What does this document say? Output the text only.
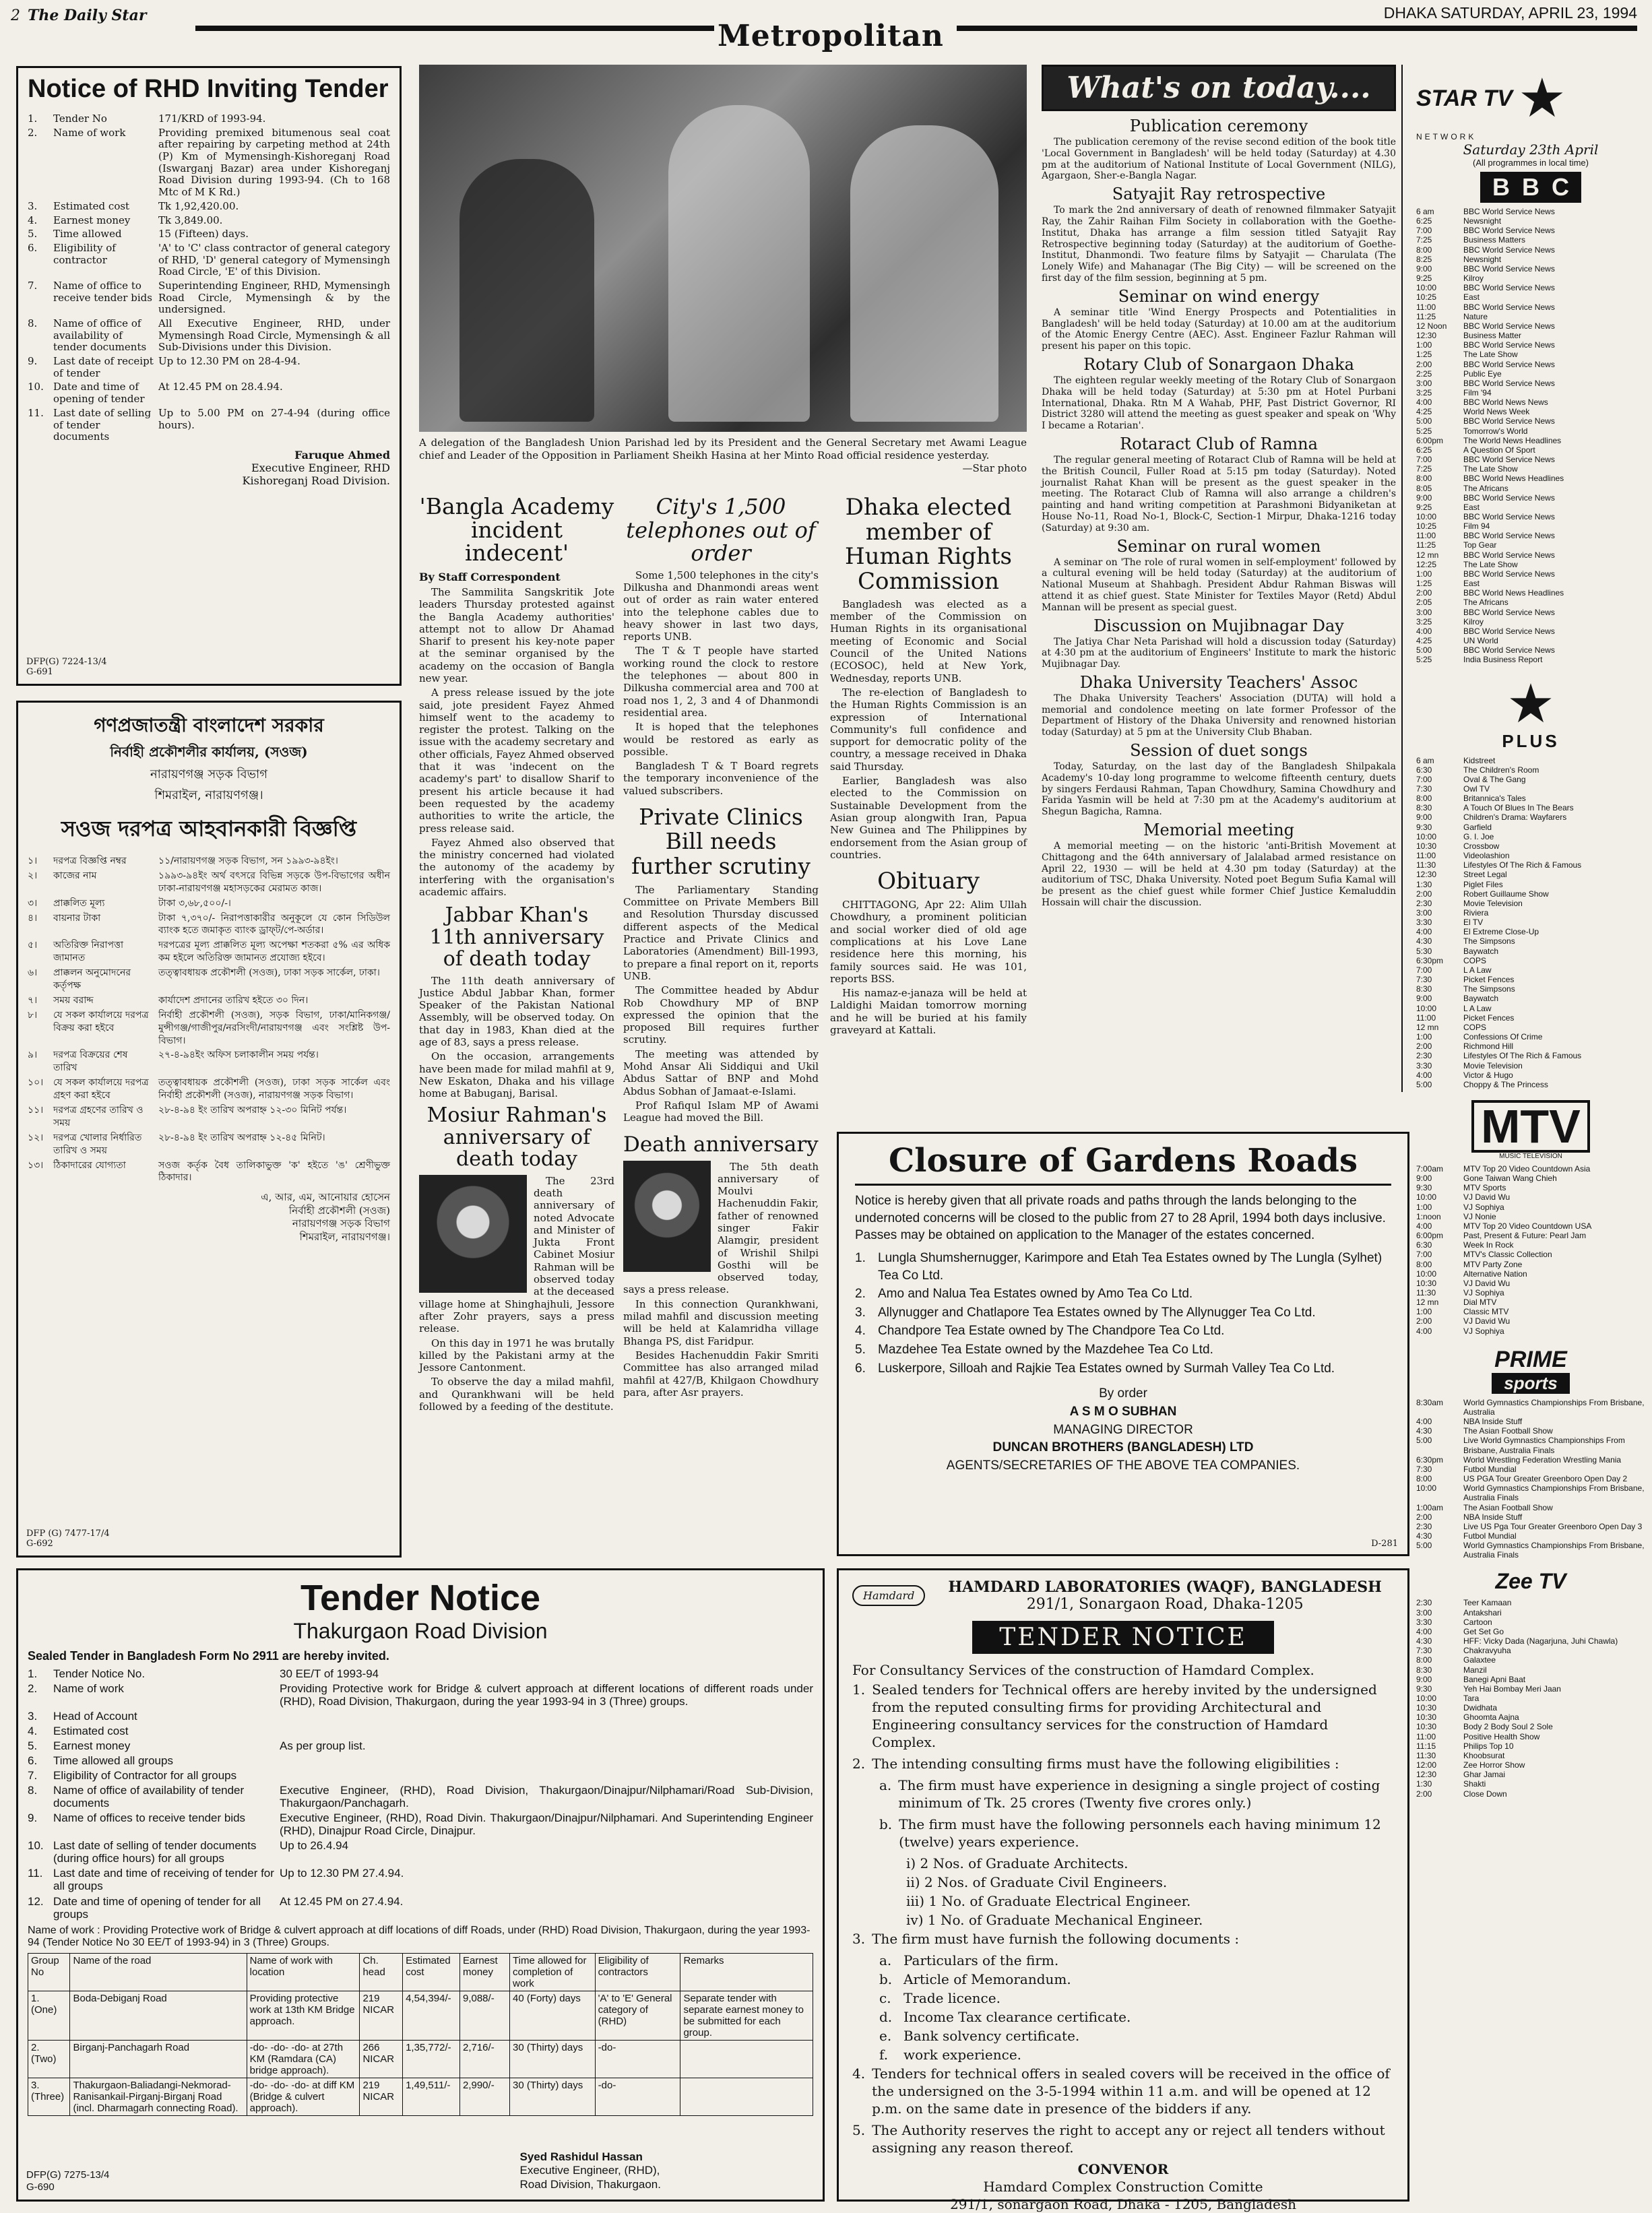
2 The Daily Star
Metropolitan
DHAKA SATURDAY, APRIL 23, 1994
Notice of RHD Inviting Tender
1.	Tender No	171/KRD of 1993-94.
2.	Name of work	Providing premixed bitumenous seal coat after repairing by carpeting method at 24th (P) Km of Mymensingh-Kishoreganj Road (Iswarganj Bazar) area under Kishoreganj Road Division during 1993-94. (Ch to 168 Mtc of M K Rd.)
3.	Estimated cost	Tk 1,92,420.00.
4.	Earnest money	Tk 3,849.00.
5.	Time allowed	15 (Fifteen) days.
6.	Eligibility of contractor
'A' to 'C' class contractor of general category of RHD, 'D' general category of Mymensingh Road Circle, 'E' of this Division.
7.	Name of office to receive tender bids
Superintending Engineer, RHD, Mymensingh Road Circle, Mymensingh & by the undersigned.
8.	Name of office of availability of tender documents
All Executive Engineer, RHD, under Mymensingh Road Circle, Mymensingh & all Sub-Divisions under this Division.
9.	Last date of receipt of tender
Up to 12.30 PM on 28-4-94.
10. Date and time of opening of tender
At 12.45 PM on 28.4.94.
11. Last date of selling of tender documents
Up to 5.00 PM on 27-4-94 (during office hours).
Faruque Ahmed
Executive Engineer, RHD
Kishoreganj Road Division.
DFP(G) 7224-13/4
G-691
গণপ্রজাতন্ত্রী বাংলাদেশ সরকার
নির্বাহী প্রকৌশলীর কার্যালয়, (সওজ)
নারায়ণগঞ্জ সড়ক বিভাগ
শিমরাইল, নারায়ণগঞ্জ।
সওজ দরপত্র আহবানকারী বিজ্ঞপ্তি
১।	দরপত্র বিজ্ঞপ্তি নম্বর	১১/নারায়ণগঞ্জ সড়ক বিভাগ, সন ১৯৯৩-৯৪ইং।
২।	কাজের নাম	১৯৯৩-৯৪ইং অর্থ বৎসরে বিভিন্ন সড়কে উপ-বিভাগের অধীন ঢাকা-নারায়ণগঞ্জ মহাসড়কের মেরামত কাজ।
৩।	প্রাক্কলিত মূল্য	টাকা ৩,৬৮,৫০০/-।
৪।	বায়নার টাকা	টাকা ৭,৩৭০/- নিরাপত্তাকারীর অনুকূলে যে কোন সিডিউল ব্যাংক হতে জমাকৃত ব্যাংক ড্রাফ্‌ট/পে-অর্ডার।
৫।	অতিরিক্ত নিরাপত্তা জামানত
দরপত্রের মূল্য প্রাক্কলিত মূল্য অপেক্ষা শতকরা ৫% এর অধিক কম হইলে অতিরিক্ত জামানত প্রযোজ্য হইবে।
৬।	প্রাক্কলন অনুমোদনের কর্তৃপক্ষ
তত্ত্বাবধায়ক প্রকৌশলী (সওজ), ঢাকা সড়ক সার্কেল, ঢাকা।
৭।	সময় বরাদ্দ	কার্যাদেশ প্রদানের তারিখ হইতে ৩০ দিন।
৮।	যে সকল কার্যালয়ে দরপত্র বিক্রয় করা হইবে
নির্বাহী প্রকৌশলী (সওজ), সড়ক বিভাগ, ঢাকা/মানিকগঞ্জ/মুন্সীগঞ্জ/গাজীপুর/নরসিংদী/নারায়ণগঞ্জ এবং সংশ্লিষ্ট উপ-বিভাগ।
৯।	দরপত্র বিক্রয়ের শেষ তারিখ
২৭-৪-৯৪ইং অফিস চলাকালীন সময় পর্যন্ত।
১০।	যে সকল কার্যালয়ে দরপত্র গ্রহণ করা হইবে
তত্ত্বাবধায়ক প্রকৌশলী (সওজ), ঢাকা সড়ক সার্কেল এবং নির্বাহী প্রকৌশলী (সওজ), নারায়ণগঞ্জ সড়ক বিভাগ।
১১।	দরপত্র গ্রহণের তারিখ ও সময়
২৮-৪-৯৪ ইং তারিখ অপরাহ্ন ১২-৩০ মিনিট পর্যন্ত।
১২।	দরপত্র খোলার নির্ধারিত তারিখ ও সময়
২৮-৪-৯৪ ইং তারিখ অপরাহ্ন ১২-৪৫ মিনিট।
১৩।	ঠিকাদারের যোগ্যতা	সওজ কর্তৃক বৈধ তালিকাভুক্ত 'ক' হইতে 'ঙ' শ্রেণীভুক্ত ঠিকাদার।
এ, আর, এম, আনোয়ার হোসেন
নির্বাহী প্রকৌশলী (সওজ)
নারায়ণগঞ্জ সড়ক বিভাগ
শিমরাইল, নারায়ণগঞ্জ।
DFP (G) 7477-17/4
G-692
A delegation of the Bangladesh Union Parishad led by its President and the General Secretary met Awami League chief and Leader of the Opposition in Parliament Sheikh Hasina at her Minto Road official residence yesterday.
—Star photo
'Bangla Academy incident indecent'
By Staff Correspondent

The Sammilita Sangskritik Jote leaders Thursday protested against the Bangla Academy authorities' attempt not to allow Dr Ahamad Sharif to present his key-note paper at the seminar organised by the academy on the occasion of Bangla new year.

A press release issued by the jote said, jote president Fayez Ahmed himself went to the academy to register the protest. Talking on the issue with the academy secretary and other officials, Fayez Ahmed observed that it was 'indecent on the academy's part' to disallow Sharif to present his article because it had been requested by the academy authorities to write the article, the press release said.

Fayez Ahmed also observed that the ministry concerned had violated the autonomy of the academy by interfering with the organisation's academic affairs.

Jabbar Khan's 11th anniversary of death today

The 11th death anniversary of Justice Abdul Jabbar Khan, former Speaker of the Pakistan National Assembly, will be observed today. On that day in 1983, Khan died at the age of 83, says a press release.

On the occasion, arrangements have been made for milad mahfil at 9, New Eskaton, Dhaka and his village home at Babuganj, Barisal.

Mosiur Rahman's anniversary of death today

The 23rd death anniversary of noted Advocate and Minister of Jukta Front Cabinet Mosiur Rahman will be observed today at the deceased village home at Shinghajhuli, Jessore after Zohr prayers, says a press release.

On this day in 1971 he was brutally killed by the Pakistani army at the Jessore Cantonment.

To observe the day a milad mahfil, and Qurankhwani will be held followed by a feeding of the destitute.

City's 1,500 telephones out of order

Some 1,500 telephones in the city's Dilkusha and Dhanmondi areas went out of order as rain water entered into the telephone cables due to heavy shower in last two days, reports UNB.

The T & T people have started working round the clock to restore the telephones — about 800 in Dilkusha commercial area and 700 at road nos 1, 2, 3 and 4 of Dhanmondi residential area.

It is hoped that the telephones would be restored as early as possible.

Bangladesh T & T Board regrets the temporary inconvenience of the valued subscribers.

Private Clinics Bill needs further scrutiny

The Parliamentary Standing Committee on Private Members Bill and Resolution Thursday discussed different aspects of the Medical Practice and Private Clinics and Laboratories (Amendment) Bill-1993, to prepare a final report on it, reports UNB.

The Committee headed by Abdur Rob Chowdhury MP of BNP expressed the opinion that the proposed Bill requires further scrutiny.

The meeting was attended by Mohd Ansar Ali Siddiqui and Ukil Abdus Sattar of BNP and Mohd Abdus Sobhan of Jamaat-e-Islami.

Prof Rafiqul Islam MP of Awami League had moved the Bill.

Death anniversary

The 5th death anniversary of Moulvi Hachenuddin Fakir, father of renowned singer Fakir Alamgir, president of Wrishil Shilpi Gosthi will be observed today, says a press release.

In this connection Qurankhwani, milad mahfil and discussion meeting will be held at Kalamridha village Bhanga PS, dist Faridpur.

Besides Hachenuddin Fakir Smriti Committee has also arranged milad mahfil at 427/B, Khilgaon Chowdhury para, after Asr prayers.

Dhaka elected member of Human Rights Commission

Bangladesh was elected as a member of the Commission on Human Rights in its organisational meeting of Economic and Social Council of the United Nations (ECOSOC), held at New York, Wednesday, reports UNB.

The re-election of Bangladesh to the Human Rights Commission is an expression of International Community's full confidence and support for democratic polity of the country, a message received in Dhaka said Thursday.

Earlier, Bangladesh was also elected to the Commission on Sustainable Development from the Asian group alongwith Iran, Papua New Guinea and The Philippines by endorsement from the Asian group of countries.

Obituary

CHITTAGONG, Apr 22: Alim Ullah Chowdhury, a prominent politician and social worker died of old age complications at his Love Lane residence here this morning, his family sources said. He was 101, reports BSS.

His namaz-e-janaza will be held at Laldighi Maidan tomorrow morning and he will be buried at his family graveyard at Kattali.

What's on today....
Publication ceremony

The publication ceremony of the revise second edition of the book title 'Local Government in Bangladesh' will be held today (Saturday) at 4.30 pm at the auditorium of National Institute of Local Government (NILG), Agargaon, Sher-e-Bangla Nagar.

Satyajit Ray retrospective

To mark the 2nd anniversary of death of renowned filmmaker Satyajit Ray, the Zahir Raihan Film Society in collaboration with the Goethe-Institut, Dhaka has arrange a film session titled Satyajit Ray Retrospective beginning today (Saturday) at the auditorium of Goethe-Institut, Dhanmondi. Two feature films by Satyajit — Charulata (The Lonely Wife) and Mahanagar (The Big City) — will be screened on the first day of the film session, beginning at 5 pm.

Seminar on wind energy

A seminar title 'Wind Energy Prospects and Potentialities in Bangladesh' will be held today (Saturday) at 10.00 am at the auditorium of the Atomic Energy Centre (AEC). Asst. Engineer Fazlur Rahman will present his paper on this topic.

Rotary Club of Sonargaon Dhaka

The eighteen regular weekly meeting of the Rotary Club of Sonargaon Dhaka will be held today (Saturday) at 5:30 pm at Hotel Purbani International, Dhaka. Rtn M A Wahab, PHF, Past District Governor, RI District 3280 will attend the meeting as guest speaker and speak on 'Why I became a Rotarian'.

Rotaract Club of Ramna

The regular general meeting of Rotaract Club of Ramna will be held at the British Council, Fuller Road at 5:15 pm today (Saturday). Noted journalist Rahat Khan will be present as the guest speaker in the meeting. The Rotaract Club of Ramna will also arrange a children's painting and hand writing competition at Parashmoni Bidyaniketan at House No-11, Road No-1, Block-C, Section-1 Mirpur, Dhaka-1216 today (Saturday) at 9:30 am.

Seminar on rural women

A seminar on 'The role of rural women in self-employment' followed by a cultural evening will be held today (Saturday) at the auditorium of National Museum at Shahbagh. President Abdur Rahman Biswas will attend it as chief guest. State Minister for Textiles Mayor (Retd) Abdul Mannan will be present as special guest.

Discussion on Mujibnagar Day

The Jatiya Char Neta Parishad will hold a discussion today (Saturday) at 4:30 pm at the auditorium of Engineers' Institute to mark the historic Mujibnagar Day.

Dhaka University Teachers' Assoc

The Dhaka University Teachers' Association (DUTA) will hold a memorial and condolence meeting on late former Professor of the Department of History of the Dhaka University and renowned historian today (Saturday) at 5 pm at the University Club Bhaban.

Session of duet songs

Today, Saturday, on the last day of the Bangladesh Shilpakala Academy's 10-day long programme to welcome fifteenth century, duets by singers Ferdausi Rahman, Tapan Chowdhury, Samina Chowdhury and Farida Yasmin will be held at 7:30 pm at the Academy's auditorium at Shegun Bagicha, Ramna.

Memorial meeting

A memorial meeting — on the historic 'anti-British Movement at Chittagong and the 64th anniversary of Jalalabad armed resistance on April 22, 1930 — will be held at 4.30 pm today (Saturday) at the auditorium of TSC, Dhaka University. Noted poet Begum Sufia Kamal will be present as the chief guest while former Chief Justice Kemaluddin Hossain will chair the discussion.

Closure of Gardens Roads
Notice is hereby given that all private roads and paths through the lands belonging to the undernoted concerns will be closed to the public from 27 to 28 April, 1994 both days inclusive. Passes may be obtained on application to the Manager of the estates concerned.
1. Lungla Shumshernugger, Karimpore and Etah Tea Estates owned by The Lungla (Sylhet) Tea Co Ltd.
2. Amo and Nalua Tea Estates owned by Amo Tea Co Ltd.
3. Allynugger and Chatlapore Tea Estates owned by The Allynugger Tea Co Ltd.
4. Chandpore Tea Estate owned by The Chandpore Tea Co Ltd.
5. Mazdehee Tea Estate owned by the Mazdehee Tea Co Ltd.
6. Luskerpore, Silloah and Rajkie Tea Estates owned by Surmah Valley Tea Co Ltd.
By order
A S M O SUBHAN
MANAGING DIRECTOR
DUNCAN BROTHERS (BANGLADESH) LTD
AGENTS/SECRETARIES OF THE ABOVE TEA COMPANIES.
D-281
Tender Notice
Thakurgaon Road Division
Sealed Tender in Bangladesh Form No 2911 are hereby invited.
1.	Tender Notice No.	30 EE/T of 1993-94
2.	Name of work	Providing Protective work for Bridge & culvert approach at different locations of different roads under (RHD), Road Division, Thakurgaon, during the year 1993-94 in 3 (Three) groups.
3.	Head of Account
4.	Estimated cost
5.	Earnest money	As per group list.
6.	Time allowed all groups
7.	Eligibility of Contractor for all groups
8.	Name of office of availability of tender documents
Executive Engineer, (RHD), Road Division, Thakurgaon/Dinajpur/Nilphamari/Road Sub-Division, Thakurgaon/Panchagarh.
9.	Name of offices to receive tender bids	Executive Engineer, (RHD), Road Divin. Thakurgaon/Dinajpur/Nilphamari. And Superintending Engineer (RHD), Dinajpur Road Circle, Dinajpur.
10. Last date of selling of tender documents (during office hours) for all groups
Up to 26.4.94
11. Last date and time of receiving of tender for all groups
Up to 12.30 PM 27.4.94.
12. Date and time of opening of tender for all groups
At 12.45 PM on 27.4.94.
Name of work : Providing Protective work of Bridge & culvert approach at diff locations of diff Roads, under (RHD) Road Division, Thakurgaon, during the year 1993-94 (Tender Notice No 30 EE/T of 1993-94) in 3 (Three) Groups.
Group No	Name of the road	Name of work with location	Ch. head	Estimated cost	Earnest money	Time allowed for completion of work	Eligibility of contractors	Remarks
1.
(One)	Boda-Debiganj Road	Providing protective work at 13th KM Bridge approach.	219 NICAR	4,54,394/-	9,088/-	40 (Forty) days	'A' to 'E' General category of (RHD)	Separate tender with separate earnest money to be submitted for each group.
2.
(Two)	Birganj-Panchagarh Road	-do- -do- -do- at 27th KM (Ramdara (CA) bridge approach).	266 NICAR	1,35,772/-	2,716/-	30 (Thirty) days	-do-	
3.
(Three)	Thakurgaon-Baliadangi-Nekmorad-Ranisankail-Pirganj-Birganj Road (incl. Dharmagarh connecting Road).	-do- -do- -do- at diff KM (Bridge & culvert approach).	219 NICAR	1,49,511/-	2,990/-	30 (Thirty) days	-do-	
Syed Rashidul Hassan
Executive Engineer, (RHD),
Road Division, Thakurgaon.
DFP(G) 7275-13/4
G-690
Hamdard	HAMDARD LABORATORIES (WAQF), BANGLADESH
291/1, Sonargaon Road, Dhaka-1205
TENDER NOTICE
For Consultancy Services of the construction of Hamdard Complex.
1. Sealed tenders for Technical offers are hereby invited by the undersigned from the reputed consulting firms for providing Architectural and Engineering consultancy services for the construction of Hamdard Complex.
2. The intending consulting firms must have the following eligibilities :
a. The firm must have experience in designing a single project of costing minimum of Tk. 25 crores (Twenty five crores only.)
b. The firm must have the following personnels each having minimum 12 (twelve) years experience.
i) 2 Nos. of Graduate Architects.
ii) 2 Nos. of Graduate Civil Engineers.
iii) 1 No. of Graduate Electrical Engineer.
iv) 1 No. of Graduate Mechanical Engineer.
3. The firm must have furnish the following documents :
a. Particulars of the firm.
b. Article of Memorandum.
c. Trade licence.
d. Income Tax clearance certificate.
e. Bank solvency certificate.
f.	work experience.
4. Tenders for technical offers in sealed covers will be received in the office of the undersigned on the 3-5-1994 within 11 a.m. and will be opened at 12 p.m. on the same date in presence of the bidders if any.
5. The Authority reserves the right to accept any or reject all tenders without assigning any reason thereof.
CONVENOR
Hamdard Complex Construction Comitte
291/1, sonargaon Road, Dhaka - 1205, Bangladesh
STAR TV ★
NETWORK
Saturday 23th April
(All programmes in local time)
BBC
6 am	BBC World Service News
6:25	Newsnight
7:00	BBC World Service News
7:25	Business Matters
8:00	BBC World Service News
8:25	Newsnight
9:00	BBC World Service News
9:25	Kilroy
10:00	BBC World Service News
10:25	East
11:00	BBC World Service News
11:25	Nature
12 Noon	BBC World Service News
12:30	Business Matter
1:00	BBC World Service News
1:25	The Late Show
2:00	BBC World Service News
2:25	Public Eye
3:00	BBC World Service News
3:25	Film '94
4:00	BBC World News News
4:25	World News Week
5:00	BBC World Service News
5:25	Tomorrow's World
6:00pm	The World News Headlines
6:25	A Question Of Sport
7:00	BBC World Service News
7:25	The Late Show
8:00	BBC World News Headlines
8:05	The Africans
9:00	BBC World Service News
9:25	East
10:00	BBC World Service News
10:25	Film 94
11:00	BBC World Service News
11:25	Top Gear
12 mn	BBC World Service News
12:25	The Late Show
1:00	BBC World Service News
1:25	East
2:00	BBC World News Headlines
2:05	The Africans
3:00	BBC World Service News
3:25	Kilroy
4:00	BBC World Service News
4:25	UN World
5:00	BBC World Service News
5:25	India Business Report
★
PLUS
6 am	Kidstreet
6:30	The Children's Room
7:00	Oval & The Gang
7:30	Owl TV
8:00	Britannica's Tales
8:30	A Touch Of Blues In The Bears
9:00	Children's Drama: Wayfarers
9:30	Garfield
10:00	G. I. Joe
10:30	Crossbow
11:00	Videolashion
11:30	Lifestyles Of The Rich & Famous
12:30	Street Legal
1:30	Piglet Files
2:00	Robert Guillaume Show
2:30	Movie Television
3:00	Riviera
3:30	El TV
4:00	El Extreme Close-Up
4:30	The Simpsons
5:30	Baywatch
6:30pm	COPS
7:00	L A Law
7:30	Picket Fences
8:30	The Simpsons
9:00	Baywatch
10:00	L A Law
11:00	Picket Fences
12 mn	COPS
1:00	Confessions Of Crime
2:00	Richmond Hill
2:30	Lifestyles Of The Rich & Famous
3:30	Movie Television
4:00	Victor & Hugo
5:00	Choppy & The Princess
MTV
MUSIC TELEVISION
7:00am	MTV Top 20 Video Countdown Asia
9:00	Gone Taiwan Wang Chieh
9:30	MTV Sports
10:00	VJ David Wu
1:00	VJ Sophiya
1:noon	VJ Nonie
4:00	MTV Top 20 Video Countdown USA
6:00pm	Past, Present & Future: Pearl Jam
6:30	Week In Rock
7:00	MTV's Classic Collection
8:00	MTV Party Zone
10:00	Alternative Nation
10:30	VJ David Wu
11:30	VJ Sophiya
12 mn	Dial MTV
1:00	Classic MTV
2:00	VJ David Wu
4:00	VJ Sophiya
PRIME
sports
8:30am	World Gymnastics Championships From Brisbane, Australia
4:00	NBA Inside Stuff
4:30	The Asian Football Show
5:00	Live World Gymnastics Championships From Brisbane, Australia Finals
6:30pm	World Wrestling Federation Wrestling Mania
7:30	Futbol Mundial
8:00	US PGA Tour Greater Greenboro Open Day 2
10:00	World Gymnastics Championships From Brisbane, Australia Finals
1:00am	The Asian Football Show
2:00	NBA Inside Stuff
2:30	Live US Pga Tour Greater Greenboro Open Day 3
4:30	Futbol Mundial
5:00	World Gymnastics Championships From Brisbane, Australia Finals
Zee TV
2:30	Teer Kamaan
3:00	Antakshari
3:30	Cartoon
4:00	Get Set Go
4:30	HFF: Vicky Dada (Nagarjuna, Juhi Chawla)
7:30	Chakravyuha
8:00	Galaxtee
8:30	Manzil
9:00	Banegi Apni Baat
9:30	Yeh Hai Bombay Meri Jaan
10:00	Tara
10:30	Dwidhata
10:30	Ghoomta Aajna
10:30	Body 2 Body Soul 2 Sole
11:00	Positive Health Show
11:15	Philips Top 10
11:30	Khoobsurat
12:00	Zee Horror Show
12:30	Ghar Jamai
1:30	Shakti
2:00	Close Down
